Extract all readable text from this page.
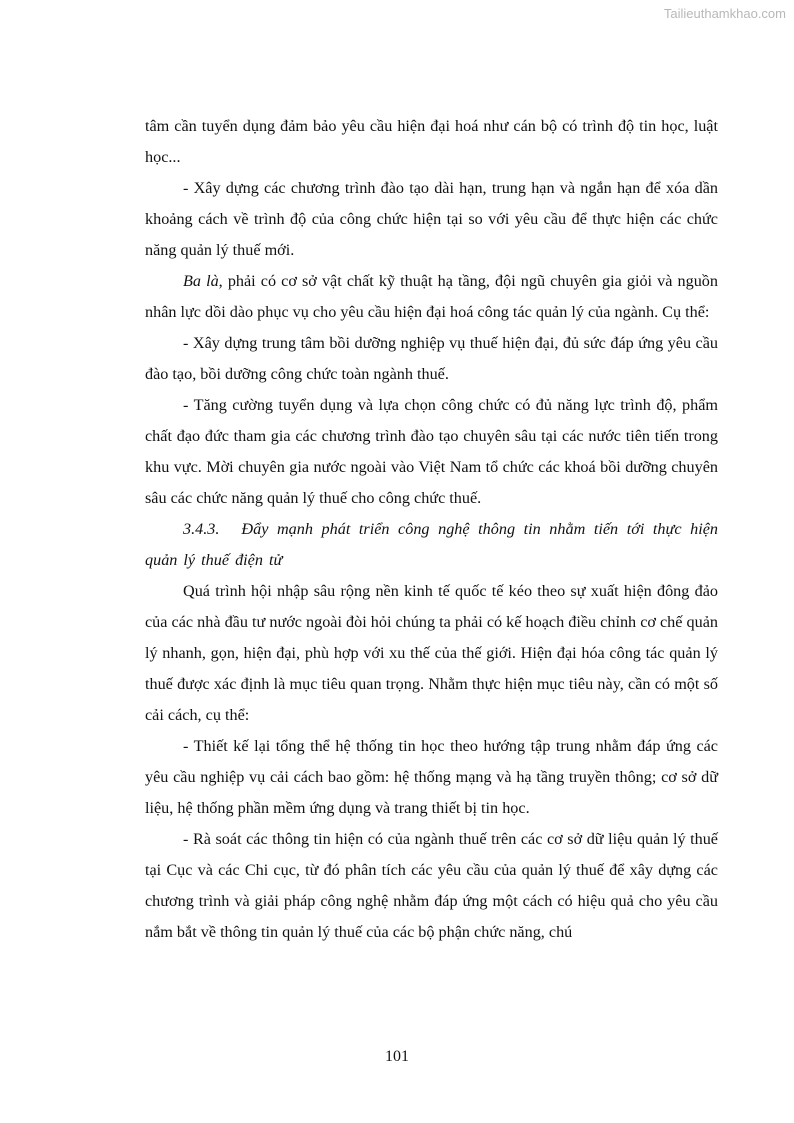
Tailieuthamkhao.com

tâm cần tuyển dụng đảm bảo yêu cầu hiện đại hoá như cán bộ có trình độ tin học, luật học...

- Xây dựng các chương trình đào tạo dài hạn, trung hạn và ngắn hạn để xóa dần khoảng cách về trình độ của công chức hiện tại so với yêu cầu để thực hiện các chức năng quản lý thuế mới.

Ba là, phải có cơ sở vật chất kỹ thuật hạ tầng, đội ngũ chuyên gia giỏi và nguồn nhân lực dồi dào phục vụ cho yêu cầu hiện đại hoá công tác quản lý của ngành. Cụ thể:

- Xây dựng trung tâm bồi dưỡng nghiệp vụ thuế hiện đại, đủ sức đáp ứng yêu cầu đào tạo, bồi dưỡng công chức toàn ngành thuế.

- Tăng cường tuyển dụng và lựa chọn công chức có đủ năng lực trình độ, phẩm chất đạo đức tham gia các chương trình đào tạo chuyên sâu tại các nước tiên tiến trong khu vực. Mời chuyên gia nước ngoài vào Việt Nam tổ chức các khoá bồi dưỡng chuyên sâu các chức năng quản lý thuế cho công chức thuế.

3.4.3. Đẩy mạnh phát triển công nghệ thông tin nhằm tiến tới thực hiện quản lý thuế điện tử

Quá trình hội nhập sâu rộng nền kinh tế quốc tế kéo theo sự xuất hiện đông đảo của các nhà đầu tư nước ngoài đòi hỏi chúng ta phải có kế hoạch điều chỉnh cơ chế quản lý nhanh, gọn, hiện đại, phù hợp với xu thế của thế giới. Hiện đại hóa công tác quản lý thuế được xác định là mục tiêu quan trọng. Nhằm thực hiện mục tiêu này, cần có một số cải cách, cụ thể:

- Thiết kế lại tổng thể hệ thống tin học theo hướng tập trung nhằm đáp ứng các yêu cầu nghiệp vụ cải cách bao gồm: hệ thống mạng và hạ tầng truyền thông; cơ sở dữ liệu, hệ thống phần mềm ứng dụng và trang thiết bị tin học.

- Rà soát các thông tin hiện có của ngành thuế trên các cơ sở dữ liệu quản lý thuế tại Cục và các Chi cục, từ đó phân tích các yêu cầu của quản lý thuế để xây dựng các chương trình và giải pháp công nghệ nhằm đáp ứng một cách có hiệu quả cho yêu cầu nắm bắt về thông tin quản lý thuế của các bộ phận chức năng, chú

101
